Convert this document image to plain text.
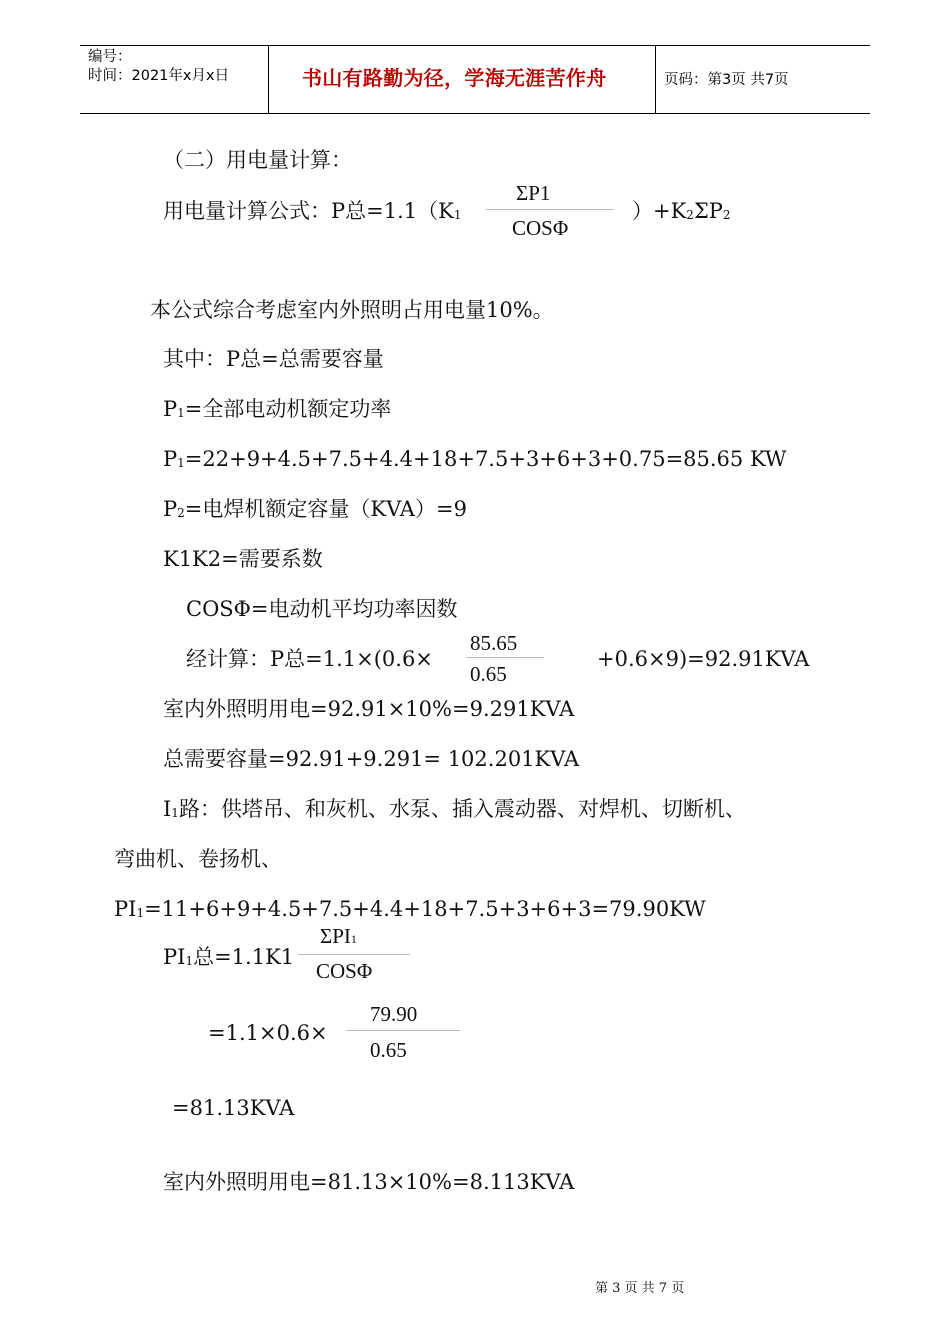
编号：
时间：2021年x月x日	书山有路勤为径，学海无涯苦作舟	页码：第3页 共7页
（二）用电量计算：
用电量计算公式：P总=1.1（K1
ΣP1
COSΦ
）+K2ΣP2
本公式综合考虑室内外照明占用电量10%。
其中：P总=总需要容量
P1=全部电动机额定功率
P1=22+9+4.5+7.5+4.4+18+7.5+3+6+3+0.75=85.65 KW
P2=电焊机额定容量（KVA）=9
K1K2=需要系数
COSΦ=电动机平均功率因数
经计算：P总=1.1×(0.6×
85.65
0.65
+0.6×9)=92.91KVA
室内外照明用电=92.91×10%=9.291KVA
总需要容量=92.91+9.291= 102.201KVA
I1路：供塔吊、和灰机、水泵、插入震动器、对焊机、切断机、
弯曲机、卷扬机、
PI1=11+6+9+4.5+7.5+4.4+18+7.5+3+6+3=79.90KW
PI1总=1.1K1
ΣPI1
COSΦ
=1.1×0.6×
79.90
0.65
=81.13KVA
室内外照明用电=81.13×10%=8.113KVA
第 3 页 共 7 页
